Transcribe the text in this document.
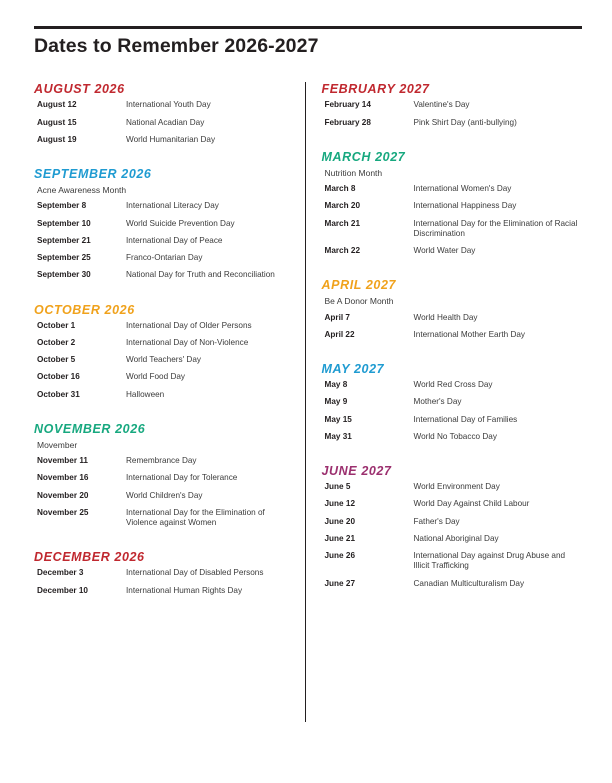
Dates to Remember 2026-2027
AUGUST 2026
August 12	International Youth Day
August 15	National Acadian Day
August 19	World Humanitarian Day
SEPTEMBER 2026
Acne Awareness Month
September 8	International Literacy Day
September 10	World Suicide Prevention Day
September 21	International Day of Peace
September 25	Franco-Ontarian Day
September 30	National Day for Truth and Reconciliation
OCTOBER 2026
October 1	International Day of Older Persons
October 2	International Day of Non-Violence
October 5	World Teachers' Day
October 16	World Food Day
October 31	Halloween
NOVEMBER 2026
Movember
November 11	Remembrance Day
November 16	International Day for Tolerance
November 20	World Children's Day
November 25	International Day for the Elimination of Violence against Women
DECEMBER 2026
December 3	International Day of Disabled Persons
December 10	International Human Rights Day
FEBRUARY 2027
February 14	Valentine's Day
February 28	Pink Shirt Day (anti-bullying)
MARCH 2027
Nutrition Month
March 8	International Women's Day
March 20	International Happiness Day
March 21	International Day for the Elimination of Racial Discrimination
March 22	World Water Day
APRIL 2027
Be A Donor Month
April 7	World Health Day
April 22	International Mother Earth Day
MAY 2027
May 8	World Red Cross Day
May 9	Mother's Day
May 15	International Day of Families
May 31	World No Tobacco Day
JUNE 2027
June 5	World Environment Day
June 12	World Day Against Child Labour
June 20	Father's Day
June 21	National Aboriginal Day
June 26	International Day against Drug Abuse and Illicit Trafficking
June 27	Canadian Multiculturalism Day
